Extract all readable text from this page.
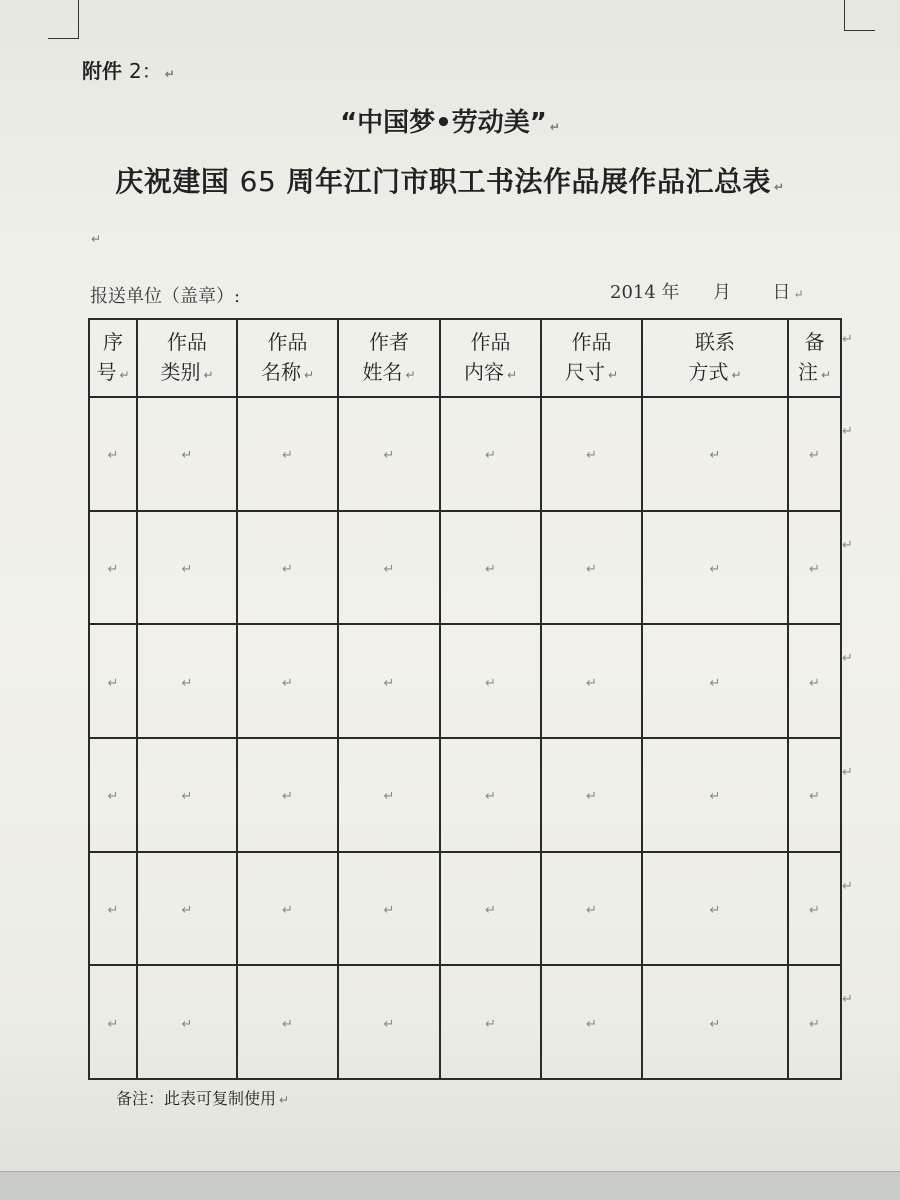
附件 2： ↵
“中国梦•劳动美” ↵
庆祝建国 65 周年江门市职工书法作品展作品汇总表 ↵
↵
报送单位（盖章）:	2014 年 月 日 ↵
序
号 ↵	作品
类别 ↵	作品
名称 ↵	作者
姓名 ↵	作品
内容 ↵	作品
尺寸 ↵	联系
方式 ↵	备
注 ↵
↵	↵	↵	↵	↵	↵	↵	↵
↵	↵	↵	↵	↵	↵	↵	↵
↵	↵	↵	↵	↵	↵	↵	↵
↵	↵	↵	↵	↵	↵	↵	↵
↵	↵	↵	↵	↵	↵	↵	↵
↵	↵	↵	↵	↵	↵	↵	↵
↵
↵
↵
↵
↵
↵
↵
备注：此表可复制使用 ↵
